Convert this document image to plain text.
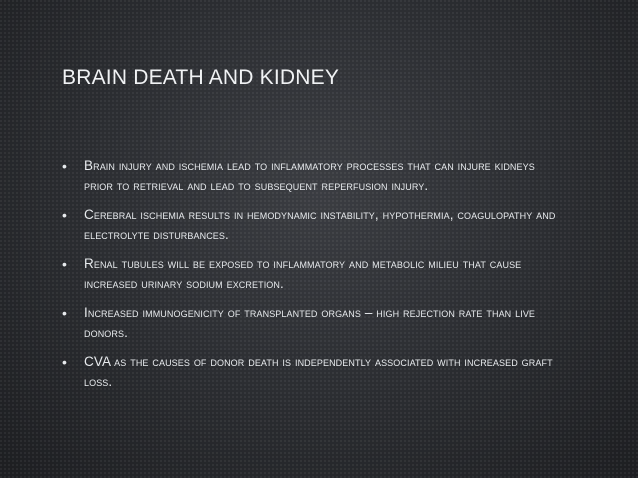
BRAIN DEATH AND KIDNEY
• Brain injury and ischemia lead to inflammatory processes that can injure kidneys prior to retrieval and lead to subsequent reperfusion injury.
• Cerebral ischemia results in hemodynamic instability, hypothermia, coagulopathy and electrolyte disturbances.
• Renal tubules will be exposed to inflammatory and metabolic milieu that cause increased urinary sodium excretion.
• Increased immunogenicity of transplanted organs – high rejection rate than live donors.
• CVA as the causes of donor death is independently associated with increased graft loss.
